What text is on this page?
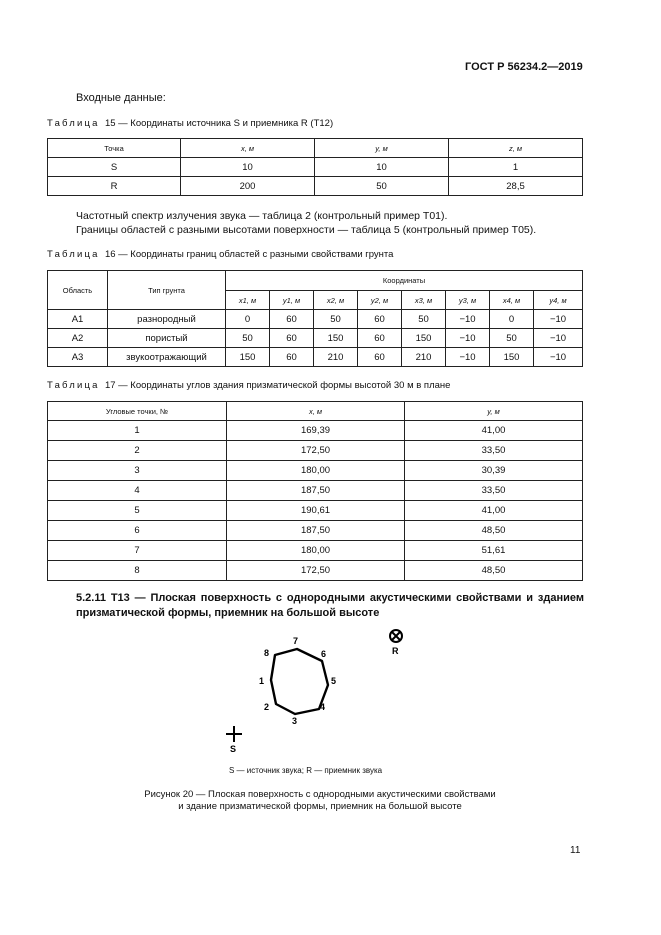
ГОСТ Р 56234.2—2019
Входные данные:
Таблица 15 — Координаты источника S и приемника R (T12)
Точка	x, м	y, м	z, м
S	10	10	1
R	200	50	28,5
Частотный спектр излучения звука — таблица 2 (контрольный пример T01).
Границы областей с разными высотами поверхности — таблица 5 (контрольный пример T05).
Таблица 16 — Координаты границ областей с разными свойствами грунта
Область	Тип грунта	Координаты							
		x1, м	y1, м	x2, м	y2, м	x3, м	y3, м	x4, м	y4, м
A1	разнородный	0	60	50	60	50	−10	0	−10
A2	пористый	50	60	150	60	150	−10	50	−10
A3	звукоотражающий	150	60	210	60	210	−10	150	−10
Таблица 17 — Координаты углов здания призматической формы высотой 30 м в плане
Угловые точки, №	x, м	y, м
1	169,39	41,00
2	172,50	33,50
3	180,00	30,39
4	187,50	33,50
5	190,61	41,00
6	187,50	48,50
7	180,00	51,61
8	172,50	48,50
5.2.11 T13 — Плоская поверхность с однородными акустическими свойствами и зданием призматической формы, приемник на большой высоте
1
2
3
4
5
6
7
8
S
R
S — источник звука; R — приемник звука
Рисунок 20 — Плоская поверхность с однородными акустическими свойствами
и здание призматической формы, приемник на большой высоте
11
